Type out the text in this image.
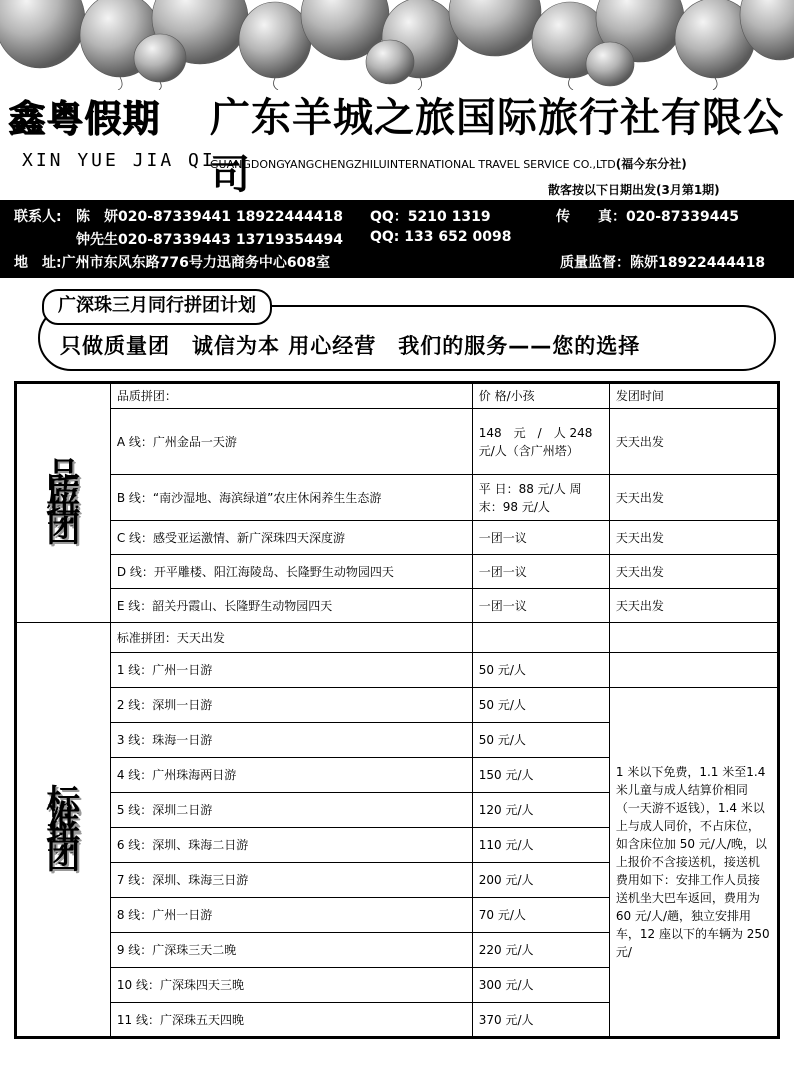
鑫粤假期 广东羊城之旅国际旅行社有限公司
XIN YUE JIA QI
GUANGDONGYANGCHENGZHILUINTERNATIONAL TRAVEL SERVICE CO.,LTD(福今东分社)
散客按以下日期出发(3月第1期)
联系人: 陈　妍020-87339441 18922444418 QQ：5210 1319	传　　真：020-87339445
钟先生020-87339443 13719354494 QQ: 133 652 0098
地　址:广州市东风东路776号力迅商务中心608室	质量监督：陈妍18922444418
广深珠三月同行拼团计划
只做质量团　诚信为本 用心经营　我们的服务——您的选择
品质拼团	品质拼团：	价 格/小孩	发团时间
	A 线：广州金品一天游	148　元　/　人 248 元/人（含广州塔）	天天出发
	B 线：“南沙湿地、海滨绿道”农庄休闲养生生态游	平 日：88 元/人 周末：98 元/人	天天出发
	C 线：感受亚运激情、新广深珠四天深度游	一团一议	天天出发
	D 线：开平雕楼、阳江海陵岛、长隆野生动物园四天	一团一议	天天出发
	E 线：韶关丹霞山、长隆野生动物园四天	一团一议	天天出发

标准拼团	标准拼团：天天出发		
	1 线：广州一日游	50 元/人	
	2 线：深圳一日游	50 元/人	1 米以下免费，1.1 米至1.4米儿童与成人结算价相同（一天游不返钱），1.4 米以上与成人同价，不占床位，如含床位加 50 元/人/晚，以上报价不含接送机，接送机费用如下：安排工作人员接送机坐大巴车返回，费用为 60 元/人/趟，独立安排用车，12 座以下的车辆为 250元/
	3 线：珠海一日游	50 元/人	
	4 线：广州珠海两日游	150 元/人	
	5 线：深圳二日游	120 元/人	
	6 线：深圳、珠海二日游	110 元/人	
	7 线：深圳、珠海三日游	200 元/人	
	8 线：广州一日游	70 元/人	
	9 线：广深珠三天二晚	220 元/人	
	10 线：广深珠四天三晚	300 元/人	
	11 线：广深珠五天四晚	370 元/人	
